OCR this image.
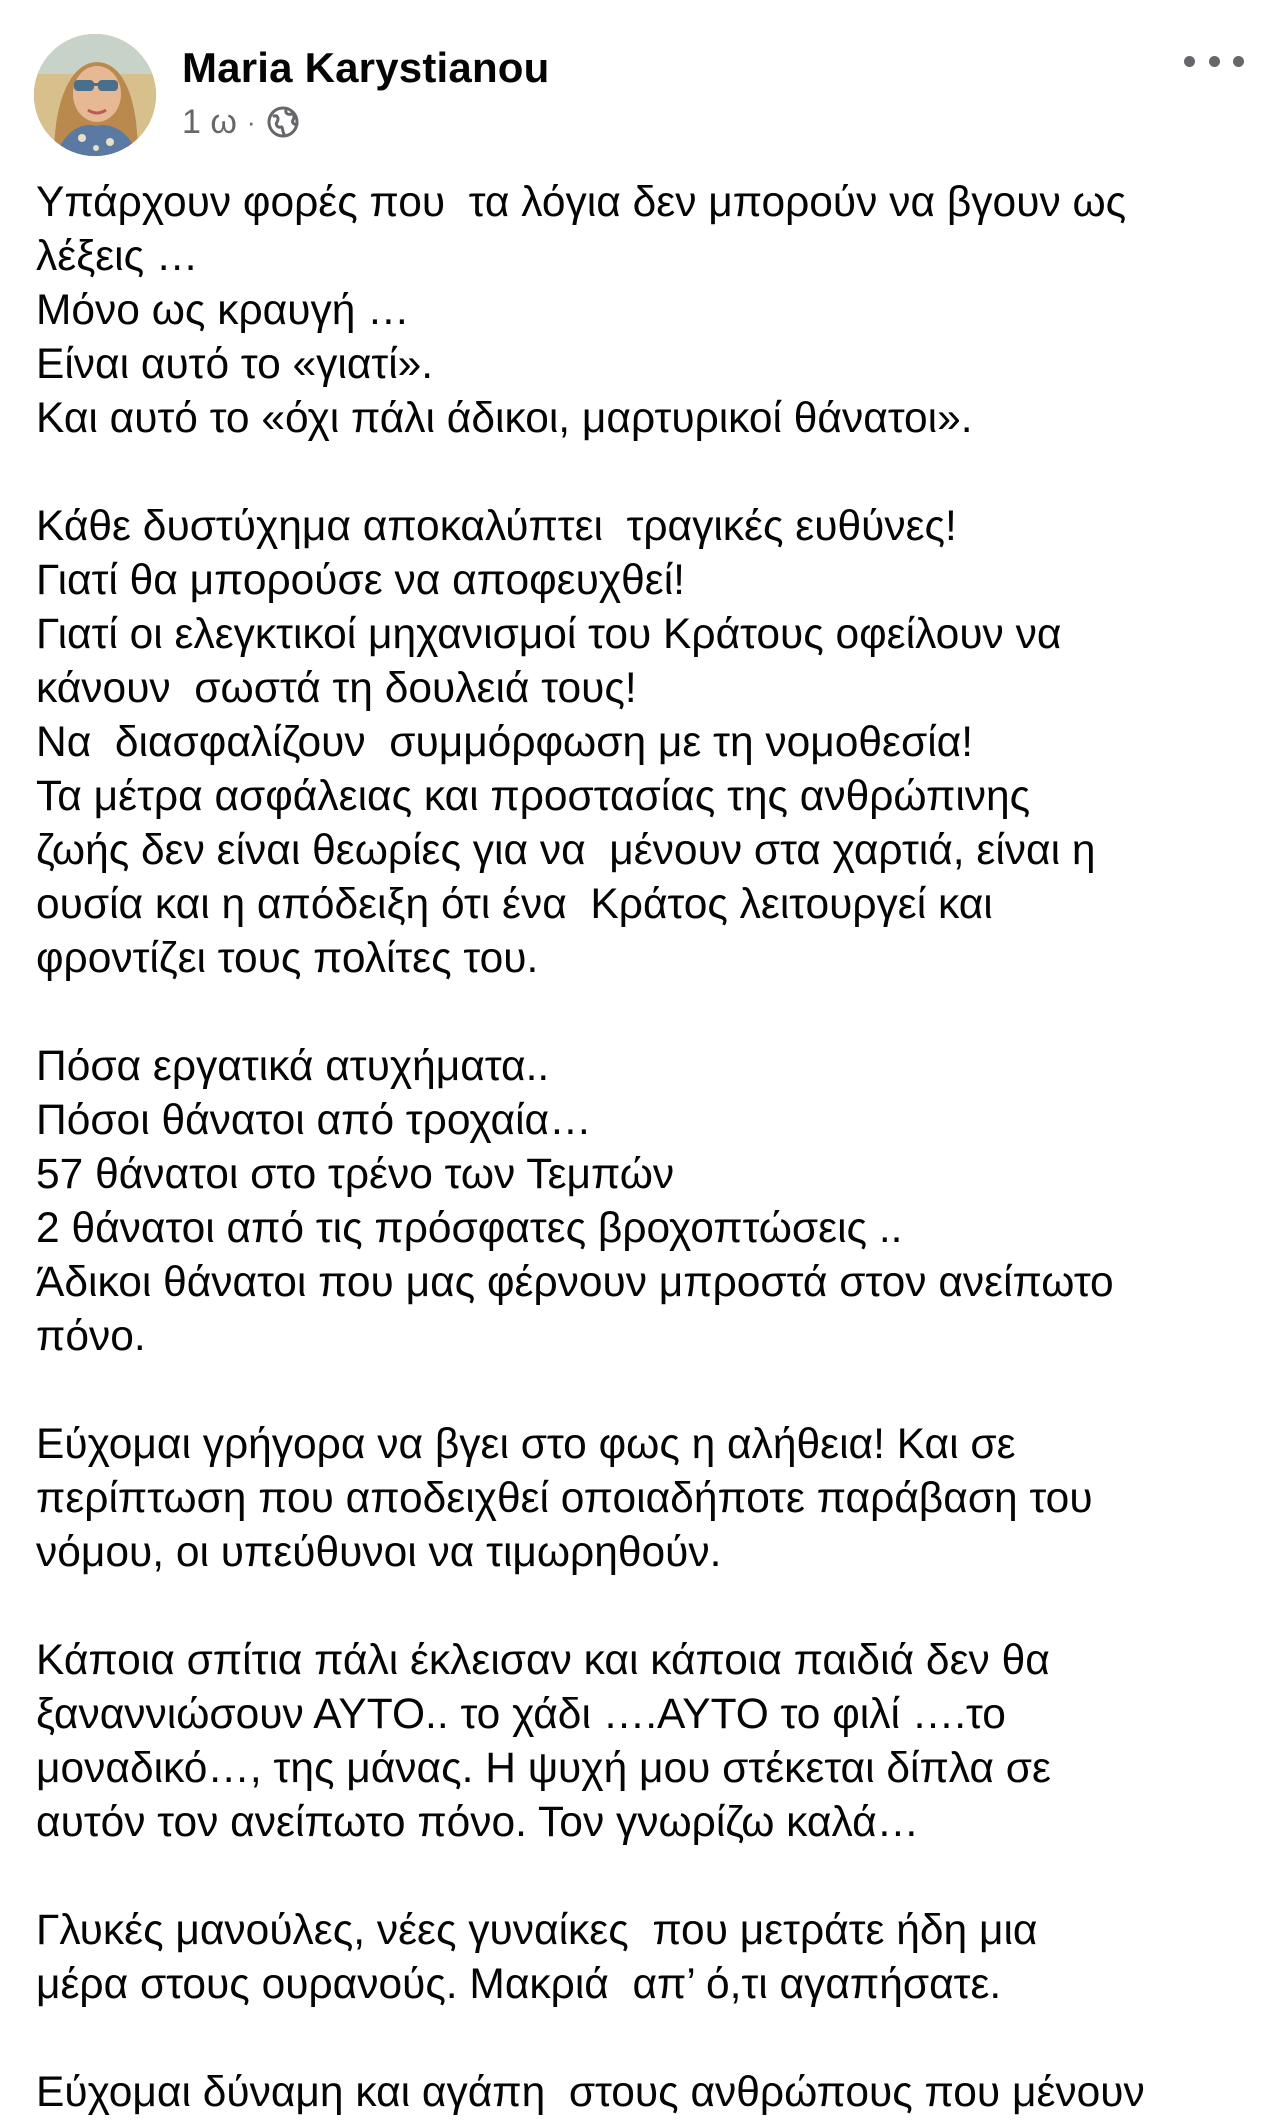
Maria Karystianou
1 ω ·
Υπάρχουν φορές που  τα λόγια δεν μπορούν να βγουν ως
λέξεις …
Μόνο ως κραυγή …
Είναι αυτό το «γιατί».
Και αυτό το «όχι πάλι άδικοι, μαρτυρικοί θάνατοι».
Κάθε δυστύχημα αποκαλύπτει  τραγικές ευθύνες!
Γιατί θα μπορούσε να αποφευχθεί!
Γιατί οι ελεγκτικοί μηχανισμοί του Κράτους οφείλουν να
κάνουν  σωστά τη δουλειά τους!
Να  διασφαλίζουν  συμμόρφωση με τη νομοθεσία!
Τα μέτρα ασφάλειας και προστασίας της ανθρώπινης
ζωής δεν είναι θεωρίες για να  μένουν στα χαρτιά, είναι η
ουσία και η απόδειξη ότι ένα  Κράτος λειτουργεί και
φροντίζει τους πολίτες του.
Πόσα εργατικά ατυχήματα..
Πόσοι θάνατοι από τροχαία…
57 θάνατοι στο τρένο των Τεμπών
2 θάνατοι από τις πρόσφατες βροχοπτώσεις ..
Άδικοι θάνατοι που μας φέρνουν μπροστά στον ανείπωτο
πόνο.
Εύχομαι γρήγορα να βγει στο φως η αλήθεια! Και σε
περίπτωση που αποδειχθεί οποιαδήποτε παράβαση του
νόμου, οι υπεύθυνοι να τιμωρηθούν.
Κάποια σπίτια πάλι έκλεισαν και κάποια παιδιά δεν θα
ξαναννιώσουν ΑΥΤΟ.. το χάδι ….ΑΥΤΟ το φιλί ….το
μοναδικό…, της μάνας. Η ψυχή μου στέκεται δίπλα σε
αυτόν τον ανείπωτο πόνο. Τον γνωρίζω καλά…
Γλυκές μανούλες, νέες γυναίκες  που μετράτε ήδη μια
μέρα στους ουρανούς. Μακριά  απ’ ό,τι αγαπήσατε.
Εύχομαι δύναμη και αγάπη  στους ανθρώπους που μένουν
